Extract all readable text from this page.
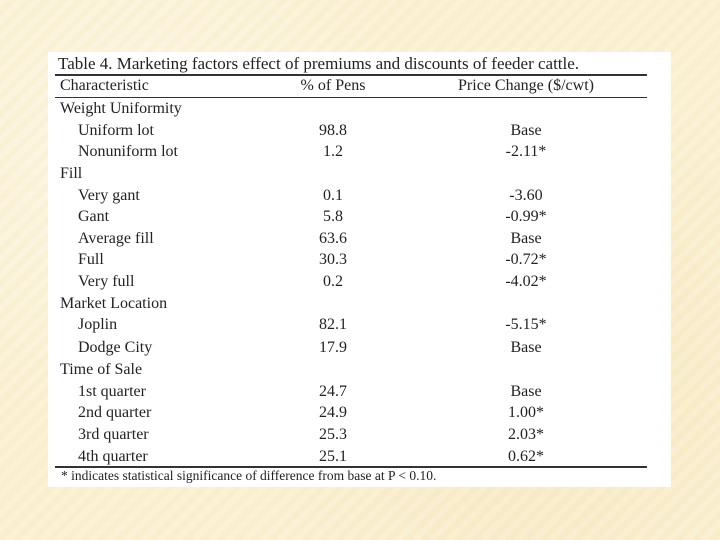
Table 4. Marketing factors effect of premiums and discounts of feeder cattle.
Characteristic	% of Pens	Price Change ($/cwt)
Weight Uniformity
Uniform lot	98.8	Base
Nonuniform lot	1.2	-2.11*
Fill
Very gant	0.1	-3.60
Gant	5.8	-0.99*
Average fill	63.6	Base
Full	30.3	-0.72*
Very full	0.2	-4.02*
Market Location
Joplin	82.1	-5.15*
Dodge City	17.9	Base
Time of Sale
1st quarter	24.7	Base
2nd quarter	24.9	1.00*
3rd quarter	25.3	2.03*
4th quarter	25.1	0.62*
* indicates statistical significance of difference from base at P < 0.10.
